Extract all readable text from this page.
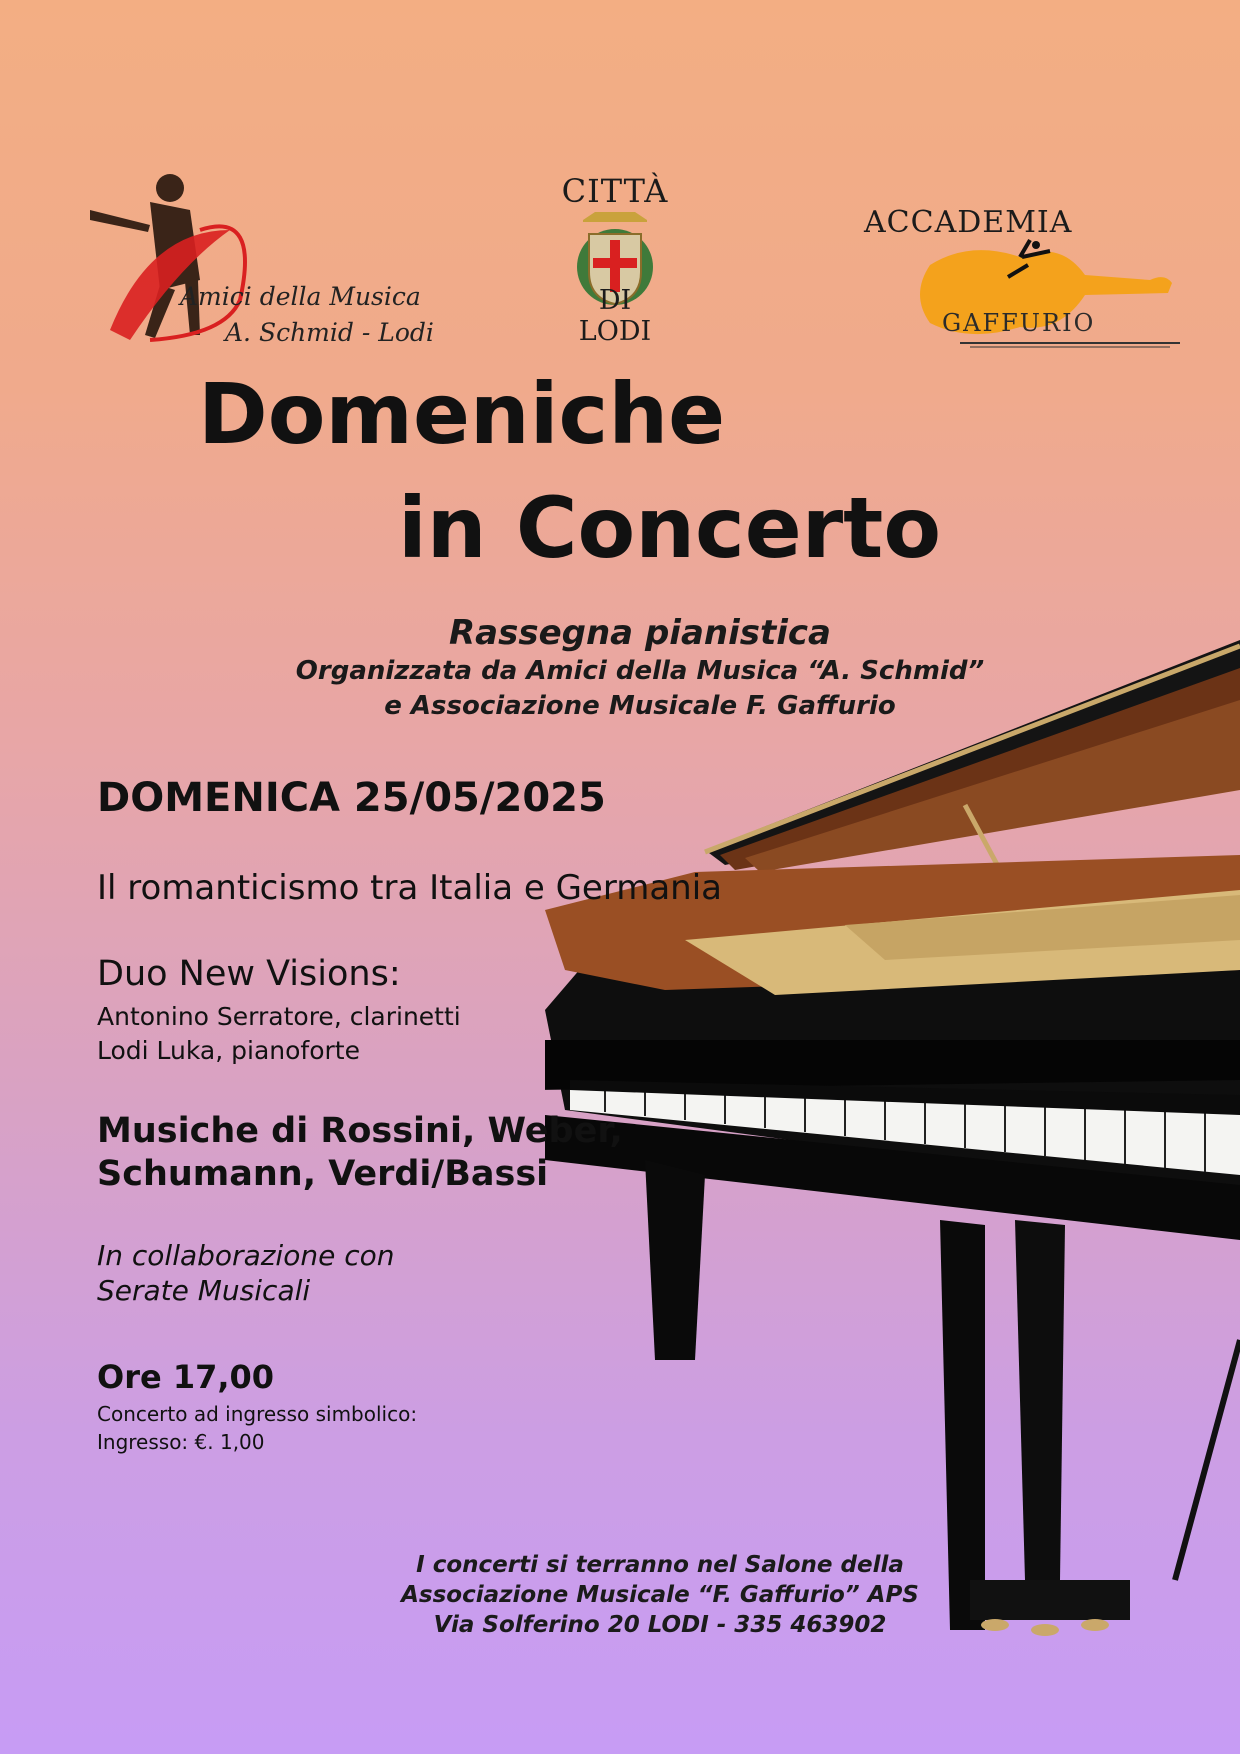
Amici della Musica
A. Schmid - Lodi
CITTÀ
DI LODI
ACCADEMIA
GAFFURIO
Domeniche
in Concerto
Rassegna pianistica
Organizzata da Amici della Musica “A. Schmid”
e Associazione Musicale F. Gaffurio
DOMENICA 25/05/2025
Il romanticismo tra Italia e Germania
Duo New Visions:
Antonino Serratore, clarinetti
Lodi Luka, pianoforte
Musiche di Rossini, Weber,
Schumann, Verdi/Bassi
In collaborazione con
Serate Musicali
Ore 17,00
Concerto ad ingresso simbolico:
Ingresso: €. 1,00
I concerti si terranno nel Salone della
Associazione Musicale “F. Gaffurio” APS
Via Solferino 20 LODI - 335 463902
